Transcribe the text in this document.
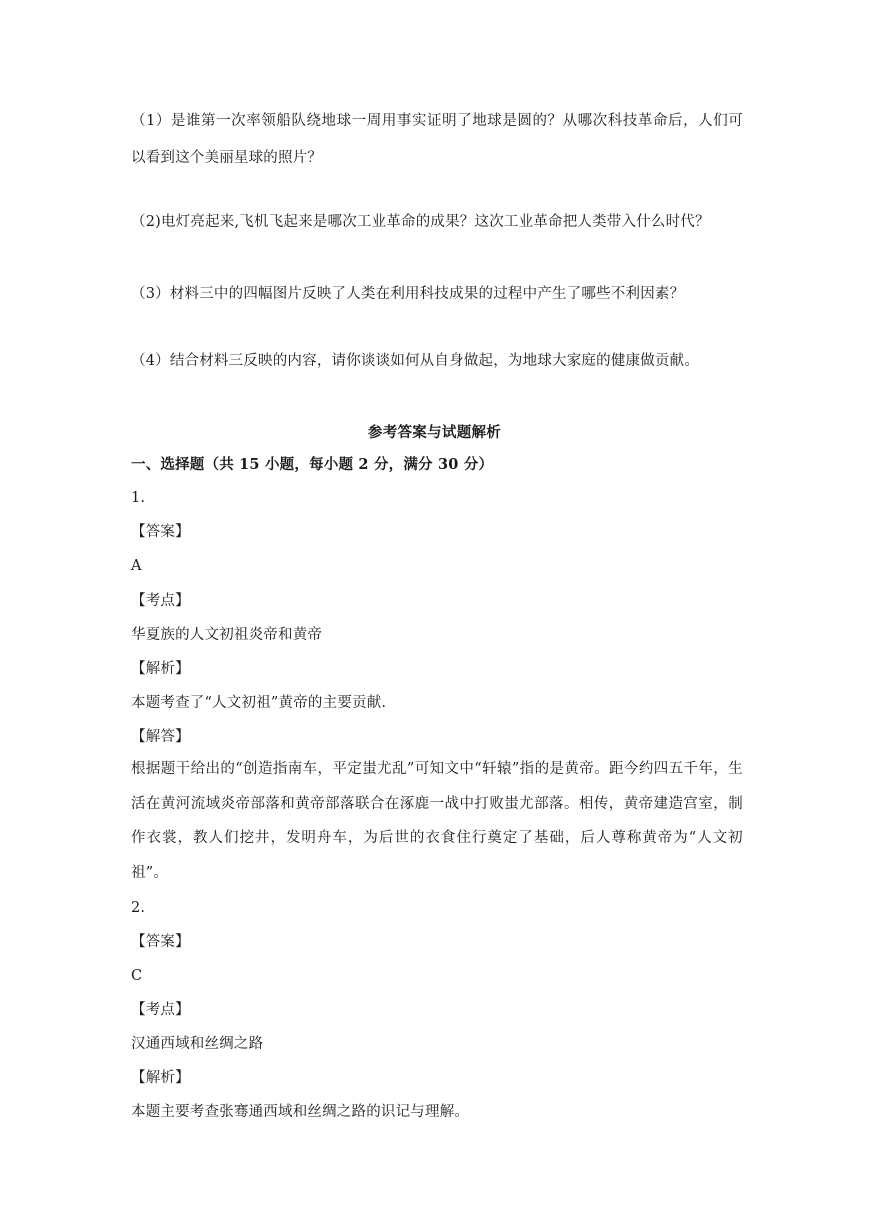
（1）是谁第一次率领船队绕地球一周用事实证明了地球是圆的？从哪次科技革命后，人们可以看到这个美丽星球的照片？

（2)电灯亮起来,飞机飞起来是哪次工业革命的成果？这次工业革命把人类带入什么时代？

（3）材料三中的四幅图片反映了人类在利用科技成果的过程中产生了哪些不利因素？

（4）结合材料三反映的内容，请你谈谈如何从自身做起，为地球大家庭的健康做贡献。

参考答案与试题解析

一、选择题（共 15 小题，每小题 2 分，满分 30 分）

1.

【答案】

A

【考点】

华夏族的人文初祖炎帝和黄帝

【解析】

本题考查了“人文初祖”黄帝的主要贡献.

【解答】

根据题干给出的“创造指南车，平定蚩尤乱”可知文中“轩辕”指的是黄帝。距今约四五千年，生活在黄河流域炎帝部落和黄帝部落联合在涿鹿一战中打败蚩尤部落。相传，黄帝建造宫室，制作衣裳，教人们挖井，发明舟车，为后世的衣食住行奠定了基础，后人尊称黄帝为“人文初祖”。

2.

【答案】

C

【考点】

汉通西域和丝绸之路

【解析】

本题主要考查张骞通西域和丝绸之路的识记与理解。
